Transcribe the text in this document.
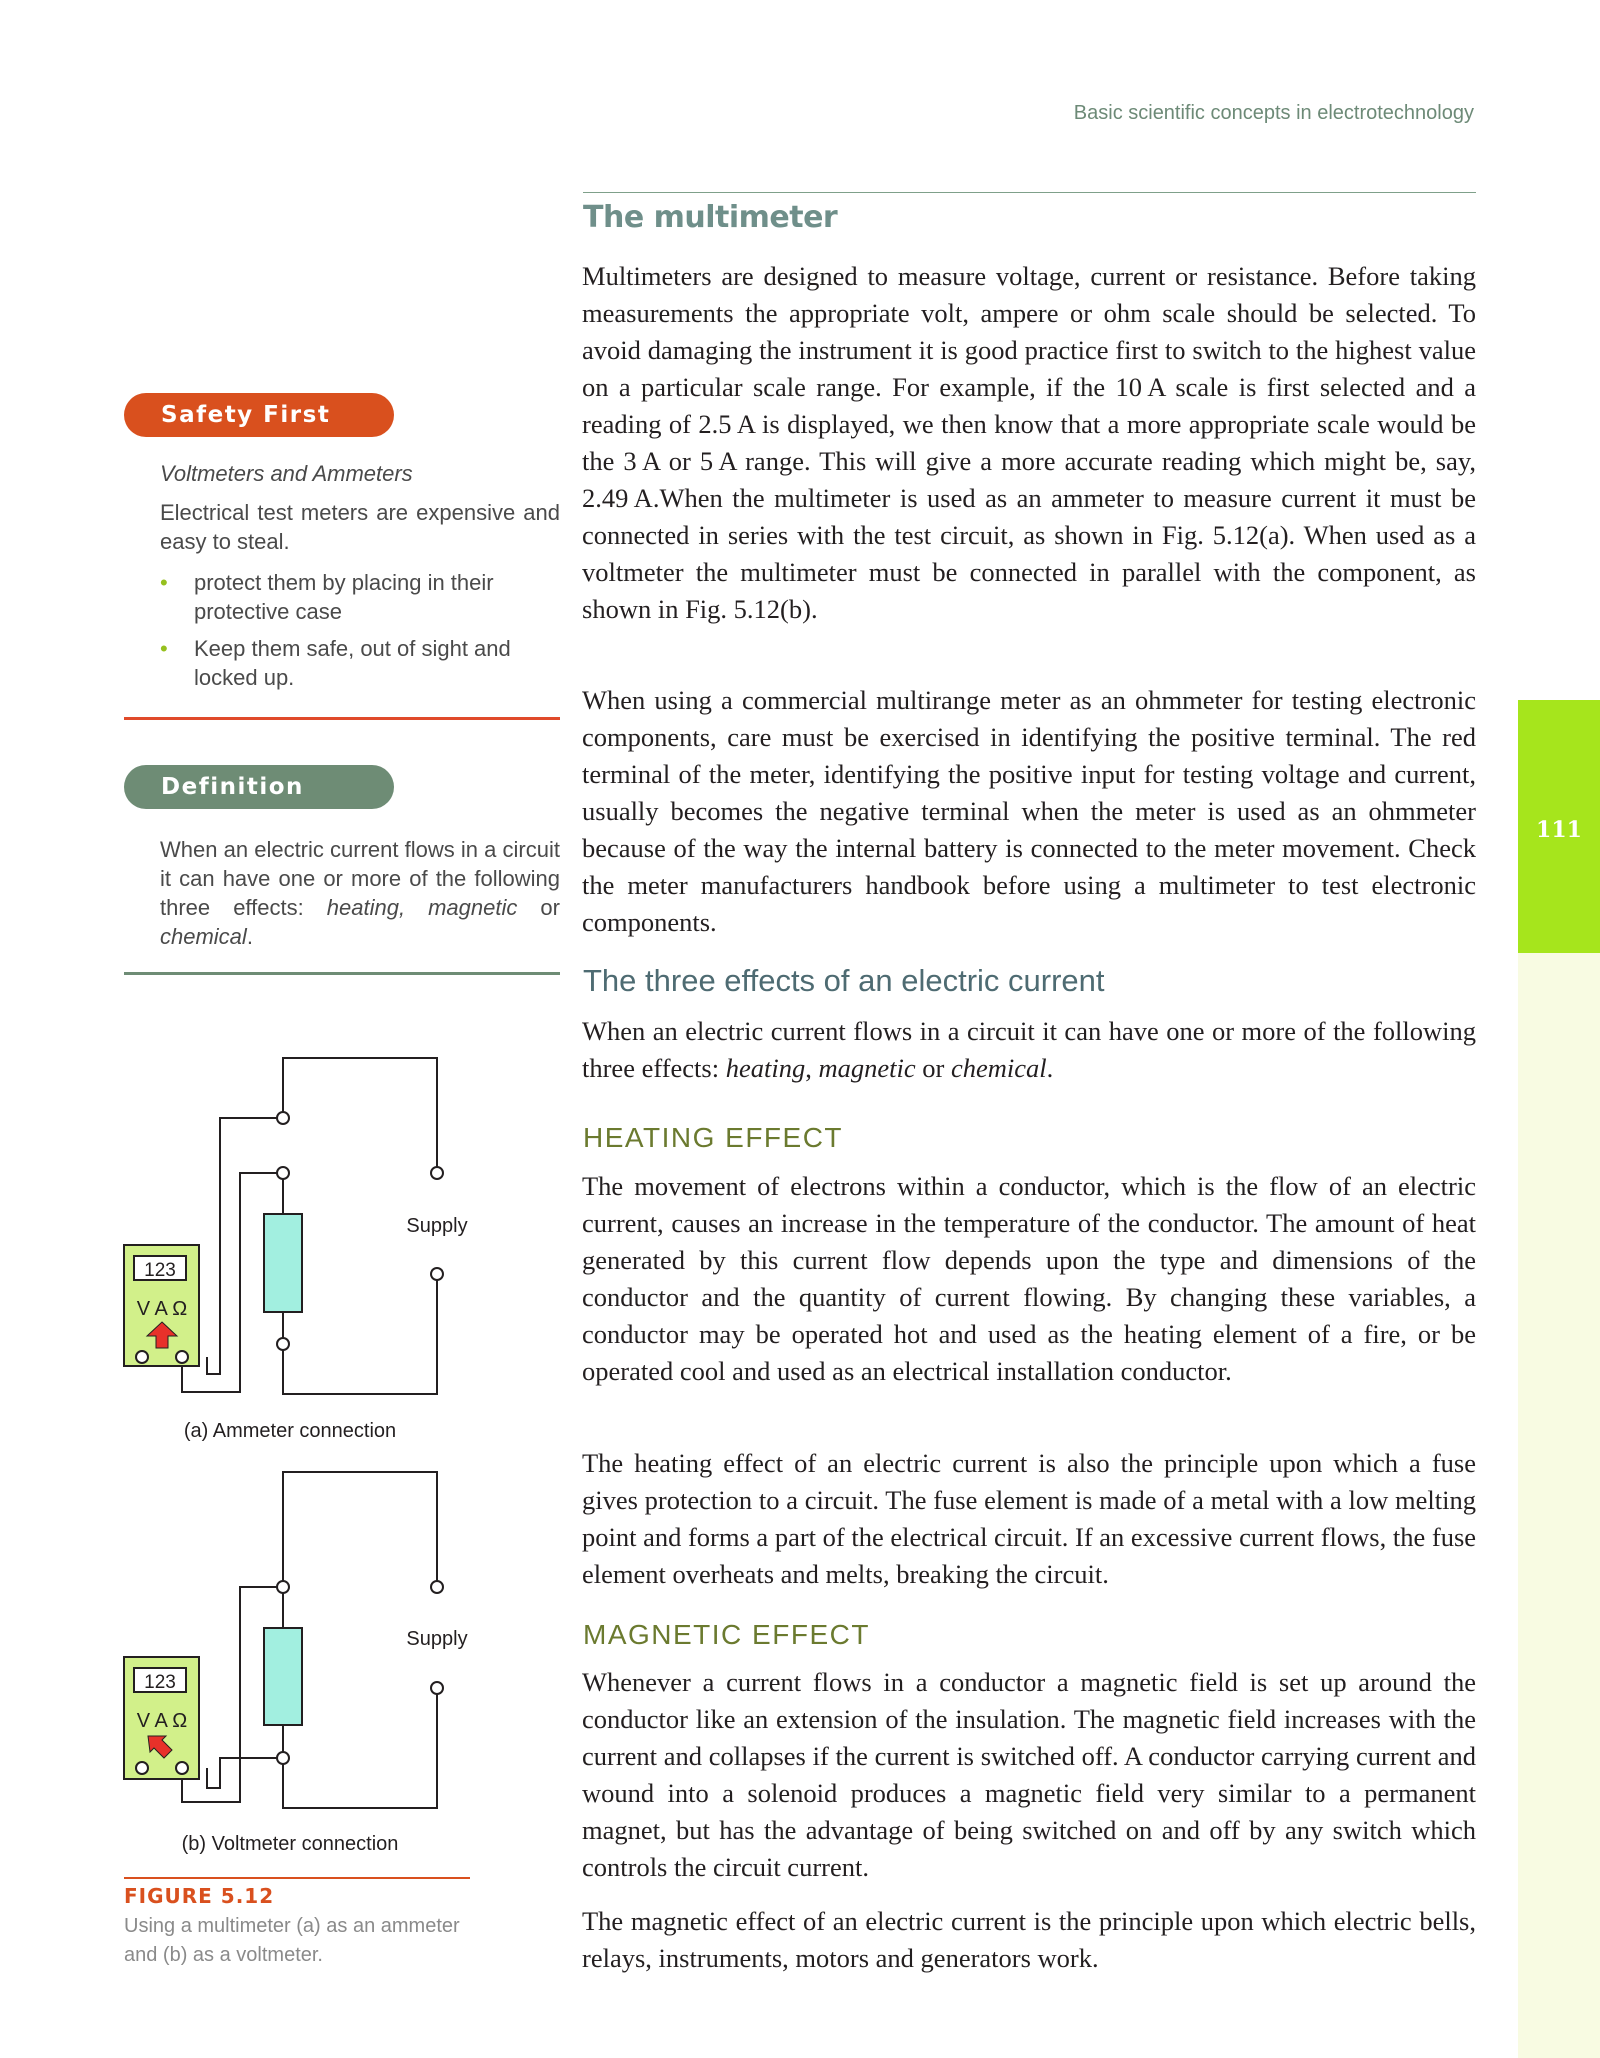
Basic scientific concepts in electrotechnology
111
The multimeter

Multimeters are designed to measure voltage, current or resistance. Before taking measurements the appropriate volt, ampere or ohm scale should be selected. To avoid damaging the instrument it is good practice first to switch to the highest value on a particular scale range. For example, if the 10 A scale is first selected and a reading of 2.5 A is displayed, we then know that a more appropriate scale would be the 3 A or 5 A range. This will give a more accurate reading which might be, say, 2.49 A.When the multimeter is used as an ammeter to measure current it must be connected in series with the test circuit, as shown in Fig. 5.12(a). When used as a voltmeter the multimeter must be connected in parallel with the component, as shown in Fig. 5.12(b).

When using a commercial multirange meter as an ohmmeter for testing electronic components, care must be exercised in identifying the positive terminal. The red terminal of the meter, identifying the positive input for testing voltage and current, usually becomes the negative terminal when the meter is used as an ohmmeter because of the way the internal battery is connected to the meter movement. Check the meter manufacturers handbook before using a multimeter to test electronic components.

The three effects of an electric current

When an electric current flows in a circuit it can have one or more of the following three effects: heating, magnetic or chemical.

HEATING EFFECT

The movement of electrons within a conductor, which is the flow of an electric current, causes an increase in the temperature of the conductor. The amount of heat generated by this current flow depends upon the type and dimensions of the conductor and the quantity of current flowing. By changing these variables, a conductor may be operated hot and used as the heating element of a fire, or be operated cool and used as an electrical installation conductor.

The heating effect of an electric current is also the principle upon which a fuse gives protection to a circuit. The fuse element is made of a metal with a low melting point and forms a part of the electrical circuit. If an excessive current flows, the fuse element overheats and melts, breaking the circuit.

MAGNETIC EFFECT

Whenever a current flows in a conductor a magnetic field is set up around the conductor like an extension of the insulation. The magnetic field increases with the current and collapses if the current is switched off. A conductor carrying current and wound into a solenoid produces a magnetic field very similar to a permanent magnet, but has the advantage of being switched on and off by any switch which controls the circuit current.

The magnetic effect of an electric current is the principle upon which electric bells, relays, instruments, motors and generators work.

Safety First
Voltmeters and Ammeters
Electrical test meters are expensive and easy to steal.
• protect them by placing in their protective case
• Keep them safe, out of sight and locked up.
Definition
When an electric current flows in a circuit it can have one or more of the following three effects: heating, magnetic or chemical.
123
V A Ω
Supply
(a) Ammeter connection
123
V A Ω
Supply
(b) Voltmeter connection
FIGURE 5.12
Using a multimeter (a) as an ammeter and (b) as a voltmeter.
